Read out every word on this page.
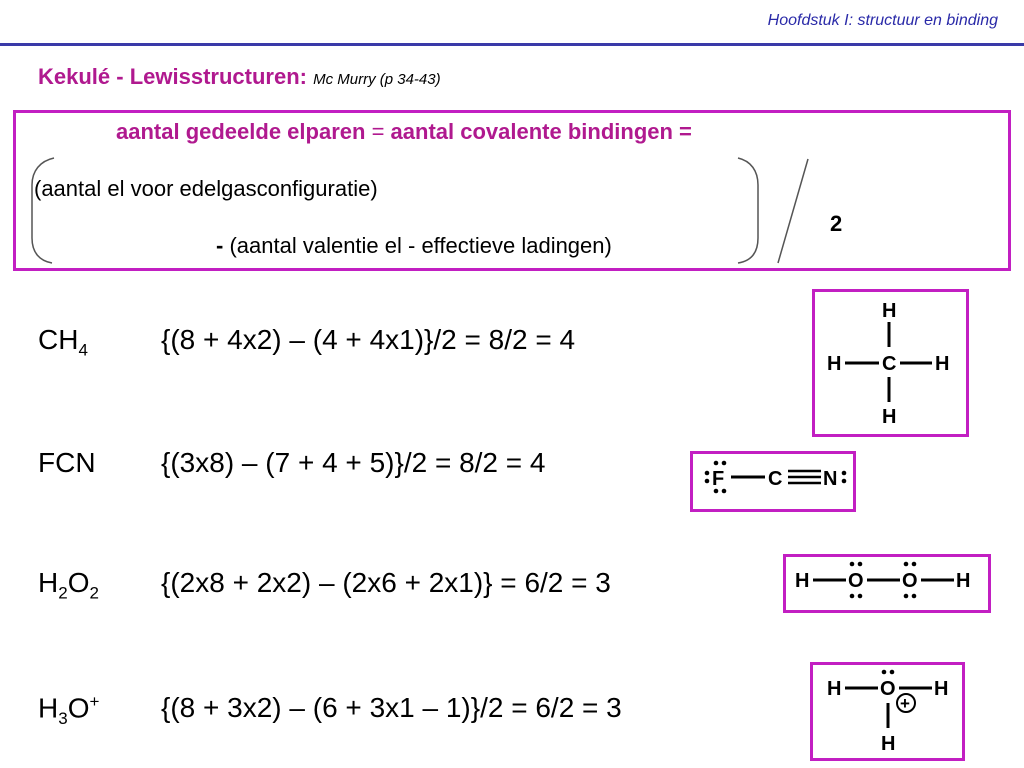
Hoofdstuk I: structuur en binding
Kekulé - Lewisstructuren: Mc Murry (p 34-43)
aantal gedeelde elparen = aantal covalente bindingen =
(aantal el voor edelgasconfiguratie)
- (aantal valentie el - effectieve ladingen)
2
$CH_4$	{(8 + 4x2) – (4 + 4x1)}/2 = 8/2 = 4
FCN {(3x8) – (7 + 4 + 5)}/2 = 8/2 = 4
$H_2O_2$ {(2x8 + 2x2) – (2x6 + 2x1)} = 6/2 = 3
$H_3O^+$ {(8 + 3x2) – (6 + 3x1 – 1)}/2 = 6/2 = 3
H
H C H
H
F C N
H O O H
H O H
+
H
